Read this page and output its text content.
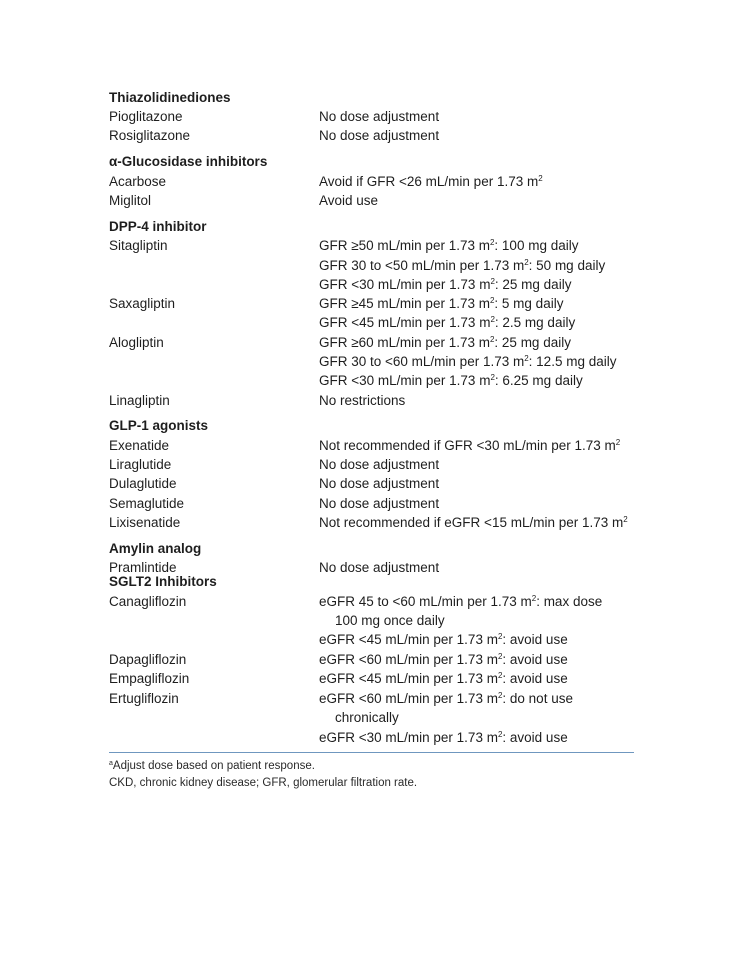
Thiazolidinediones
Pioglitazone	No dose adjustment
Rosiglitazone	No dose adjustment
α-Glucosidase inhibitors
Acarbose	Avoid if GFR <26 mL/min per 1.73 $m^2$
Miglitol	Avoid use
DPP-4 inhibitor
Sitagliptin	GFR ≥50 mL/min per 1.73 $m^2$: 100 mg daily
GFR 30 to <50 mL/min per 1.73 $m^2$: 50 mg daily
GFR <30 mL/min per 1.73 $m^2$: 25 mg daily
Saxagliptin	GFR ≥45 mL/min per 1.73 $m^2$: 5 mg daily
GFR <45 mL/min per 1.73 $m^2$: 2.5 mg daily
Alogliptin	GFR ≥60 mL/min per 1.73 $m^2$: 25 mg daily
GFR 30 to <60 mL/min per 1.73 $m^2$: 12.5 mg daily
GFR <30 mL/min per 1.73 $m^2$: 6.25 mg daily
Linagliptin	No restrictions
GLP-1 agonists
Exenatide	Not recommended if GFR <30 mL/min per 1.73 $m^2$
Liraglutide	No dose adjustment
Dulaglutide	No dose adjustment
Semaglutide	No dose adjustment
Lixisenatide	Not recommended if eGFR <15 mL/min per 1.73 $m^2$
Amylin analog
Pramlintide	No dose adjustment
SGLT2 Inhibitors
Canagliflozin	eGFR 45 to <60 mL/min per 1.73 $m^2$: max dose
100 mg once daily
eGFR <45 mL/min per 1.73 $m^2$: avoid use
Dapagliflozin	eGFR <60 mL/min per 1.73 $m^2$: avoid use
Empagliflozin	eGFR <45 mL/min per 1.73 $m^2$: avoid use
Ertugliflozin	eGFR <60 mL/min per 1.73 $m^2$: do not use
chronically
eGFR <30 mL/min per 1.73 $m^2$: avoid use
$^a$Adjust dose based on patient response.
CKD, chronic kidney disease; GFR, glomerular filtration rate.
